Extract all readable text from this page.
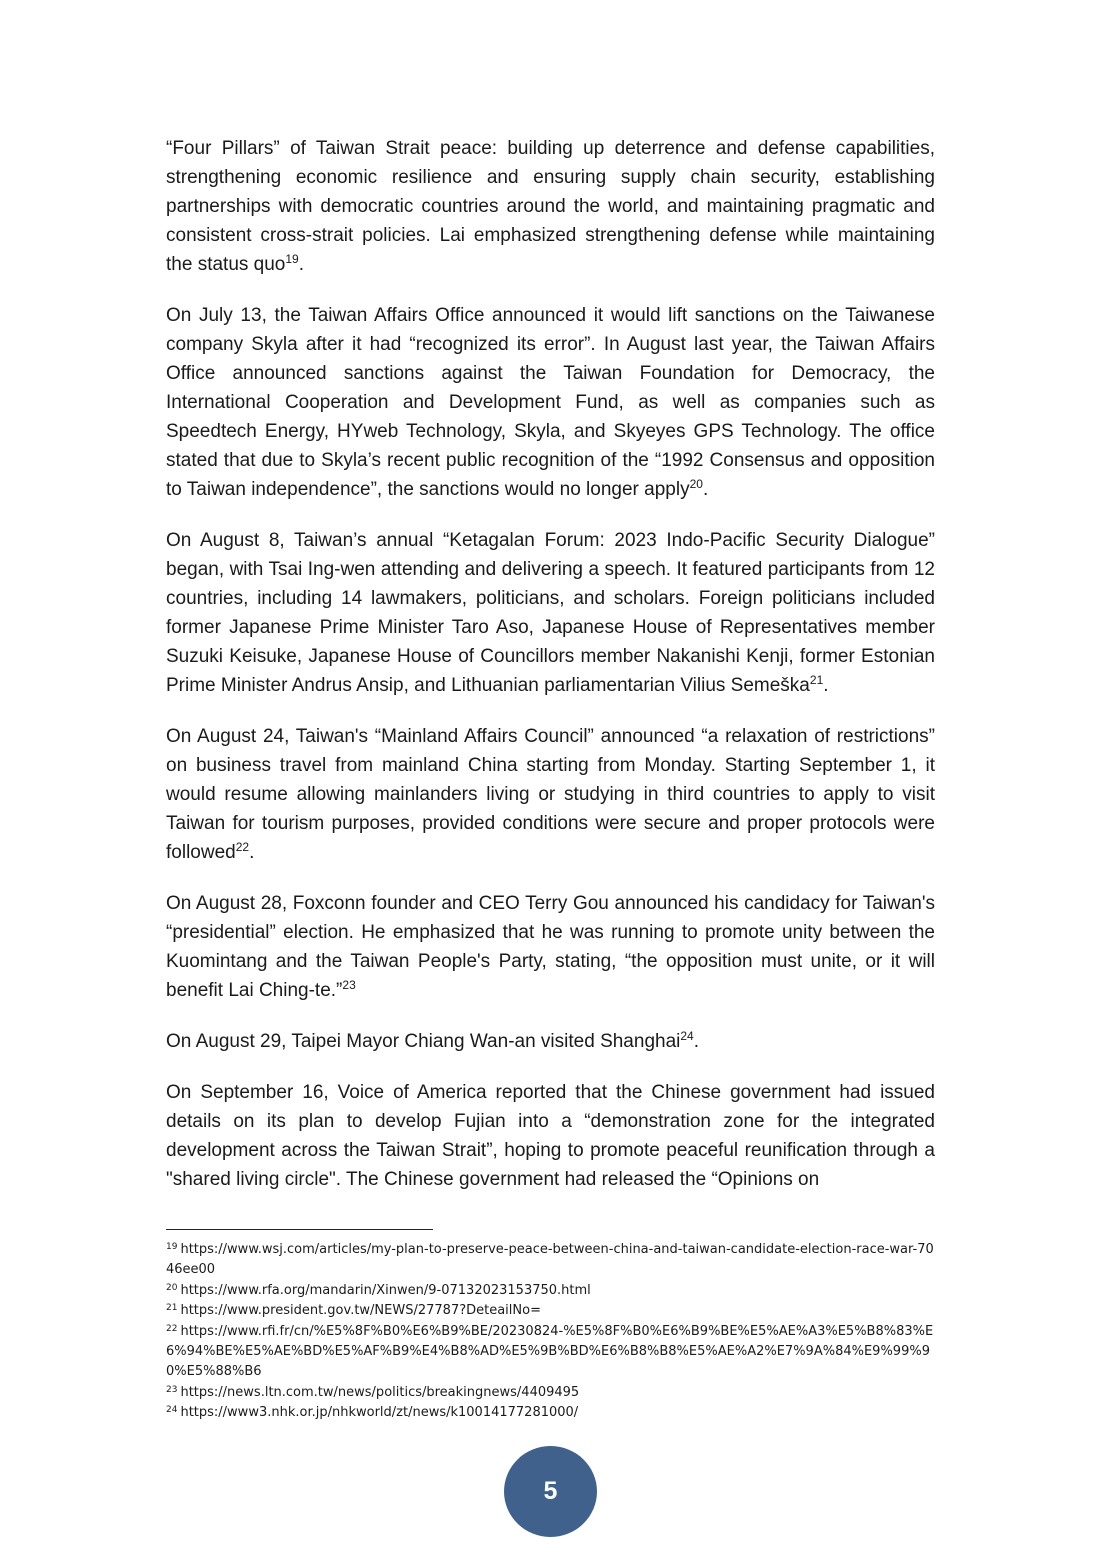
“Four Pillars” of Taiwan Strait peace: building up deterrence and defense capabilities, strengthening economic resilience and ensuring supply chain security, establishing partnerships with democratic countries around the world, and maintaining pragmatic and consistent cross-strait policies. Lai emphasized strengthening defense while maintaining the status quo$^{19}$.

On July 13, the Taiwan Affairs Office announced it would lift sanctions on the Taiwanese company Skyla after it had “recognized its error”. In August last year, the Taiwan Affairs Office announced sanctions against the Taiwan Foundation for Democracy, the International Cooperation and Development Fund, as well as companies such as Speedtech Energy, HYweb Technology, Skyla, and Skyeyes GPS Technology. The office stated that due to Skyla’s recent public recognition of the “1992 Consensus and opposition to Taiwan independence”, the sanctions would no longer apply$^{20}$.

On August 8, Taiwan’s annual “Ketagalan Forum: 2023 Indo-Pacific Security Dialogue” began, with Tsai Ing-wen attending and delivering a speech. It featured participants from 12 countries, including 14 lawmakers, politicians, and scholars. Foreign politicians included former Japanese Prime Minister Taro Aso, Japanese House of Representatives member Suzuki Keisuke, Japanese House of Councillors member Nakanishi Kenji, former Estonian Prime Minister Andrus Ansip, and Lithuanian parliamentarian Vilius Semeška$^{21}$.

On August 24, Taiwan's “Mainland Affairs Council” announced “a relaxation of restrictions” on business travel from mainland China starting from Monday. Starting September 1, it would resume allowing mainlanders living or studying in third countries to apply to visit Taiwan for tourism purposes, provided conditions were secure and proper protocols were followed$^{22}$.

On August 28, Foxconn founder and CEO Terry Gou announced his candidacy for Taiwan's “presidential” election. He emphasized that he was running to promote unity between the Kuomintang and the Taiwan People's Party, stating, “the opposition must unite, or it will benefit Lai Ching-te.”$^{23}$

On August 29, Taipei Mayor Chiang Wan-an visited Shanghai$^{24}$.

On September 16, Voice of America reported that the Chinese government had issued details on its plan to develop Fujian into a “demonstration zone for the integrated development across the Taiwan Strait”, hoping to promote peaceful reunification through a "shared living circle". The Chinese government had released the “Opinions on

$^{19}$ https://www.wsj.com/articles/my-plan-to-preserve-peace-between-china-and-taiwan-candidate-election-race-war-7046ee00

$^{20}$ https://www.rfa.org/mandarin/Xinwen/9-07132023153750.html

$^{21}$ https://www.president.gov.tw/NEWS/27787?DeteailNo=

$^{22}$ https://www.rfi.fr/cn/%E5%8F%B0%E6%B9%BE/20230824-%E5%8F%B0%E6%B9%BE%E5%AE%A3%E5%B8%83%E6%94%BE%E5%AE%BD%E5%AF%B9%E4%B8%AD%E5%9B%BD%E6%B8%B8%E5%AE%A2%E7%9A%84%E9%99%90%E5%88%B6

$^{23}$ https://news.ltn.com.tw/news/politics/breakingnews/4409495

$^{24}$ https://www3.nhk.or.jp/nhkworld/zt/news/k10014177281000/

5
